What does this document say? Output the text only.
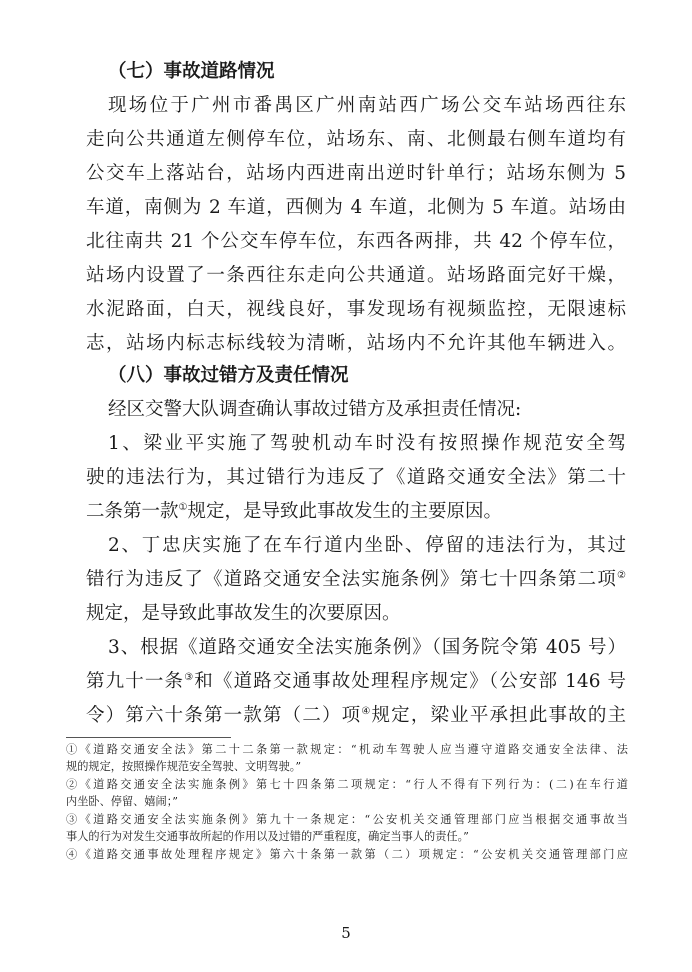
（七）事故道路情况
现场位于广州市番禺区广州南站西广场公交车站场西往东
走向公共通道左侧停车位，站场东、南、北侧最右侧车道均有
公交车上落站台，站场内西进南出逆时针单行；站场东侧为 5
车道，南侧为 2 车道，西侧为 4 车道，北侧为 5 车道。站场由
北往南共 21 个公交车停车位，东西各两排，共 42 个停车位，
站场内设置了一条西往东走向公共通道。站场路面完好干燥，
水泥路面，白天，视线良好，事发现场有视频监控，无限速标
志，站场内标志标线较为清晰，站场内不允许其他车辆进入。
（八）事故过错方及责任情况
经区交警大队调查确认事故过错方及承担责任情况:
1、梁业平实施了驾驶机动车时没有按照操作规范安全驾
驶的违法行为，其过错行为违反了《道路交通安全法》第二十
二条第一款①规定，是导致此事故发生的主要原因。
2、丁忠庆实施了在车行道内坐卧、停留的违法行为，其过
错行为违反了《道路交通安全法实施条例》第七十四条第二项②
规定，是导致此事故发生的次要原因。
3、根据《道路交通安全法实施条例》（国务院令第 405 号）
第九十一条③和《道路交通事故处理程序规定》（公安部 146 号
令）第六十条第一款第（二）项④规定，梁业平承担此事故的主
①《道路交通安全法》第二十二条第一款规定：“机动车驾驶人应当遵守道路交通安全法律、法
规的规定，按照操作规范安全驾驶、文明驾驶。”
②《道路交通安全法实施条例》第七十四条第二项规定：“行人不得有下列行为：(二)在车行道
内坐卧、停留、嬉闹；”
③《道路交通安全法实施条例》第九十一条规定：“公安机关交通管理部门应当根据交通事故当
事人的行为对发生交通事故所起的作用以及过错的严重程度，确定当事人的责任。”
④《道路交通事故处理程序规定》第六十条第一款第（二）项规定：“公安机关交通管理部门应
5
